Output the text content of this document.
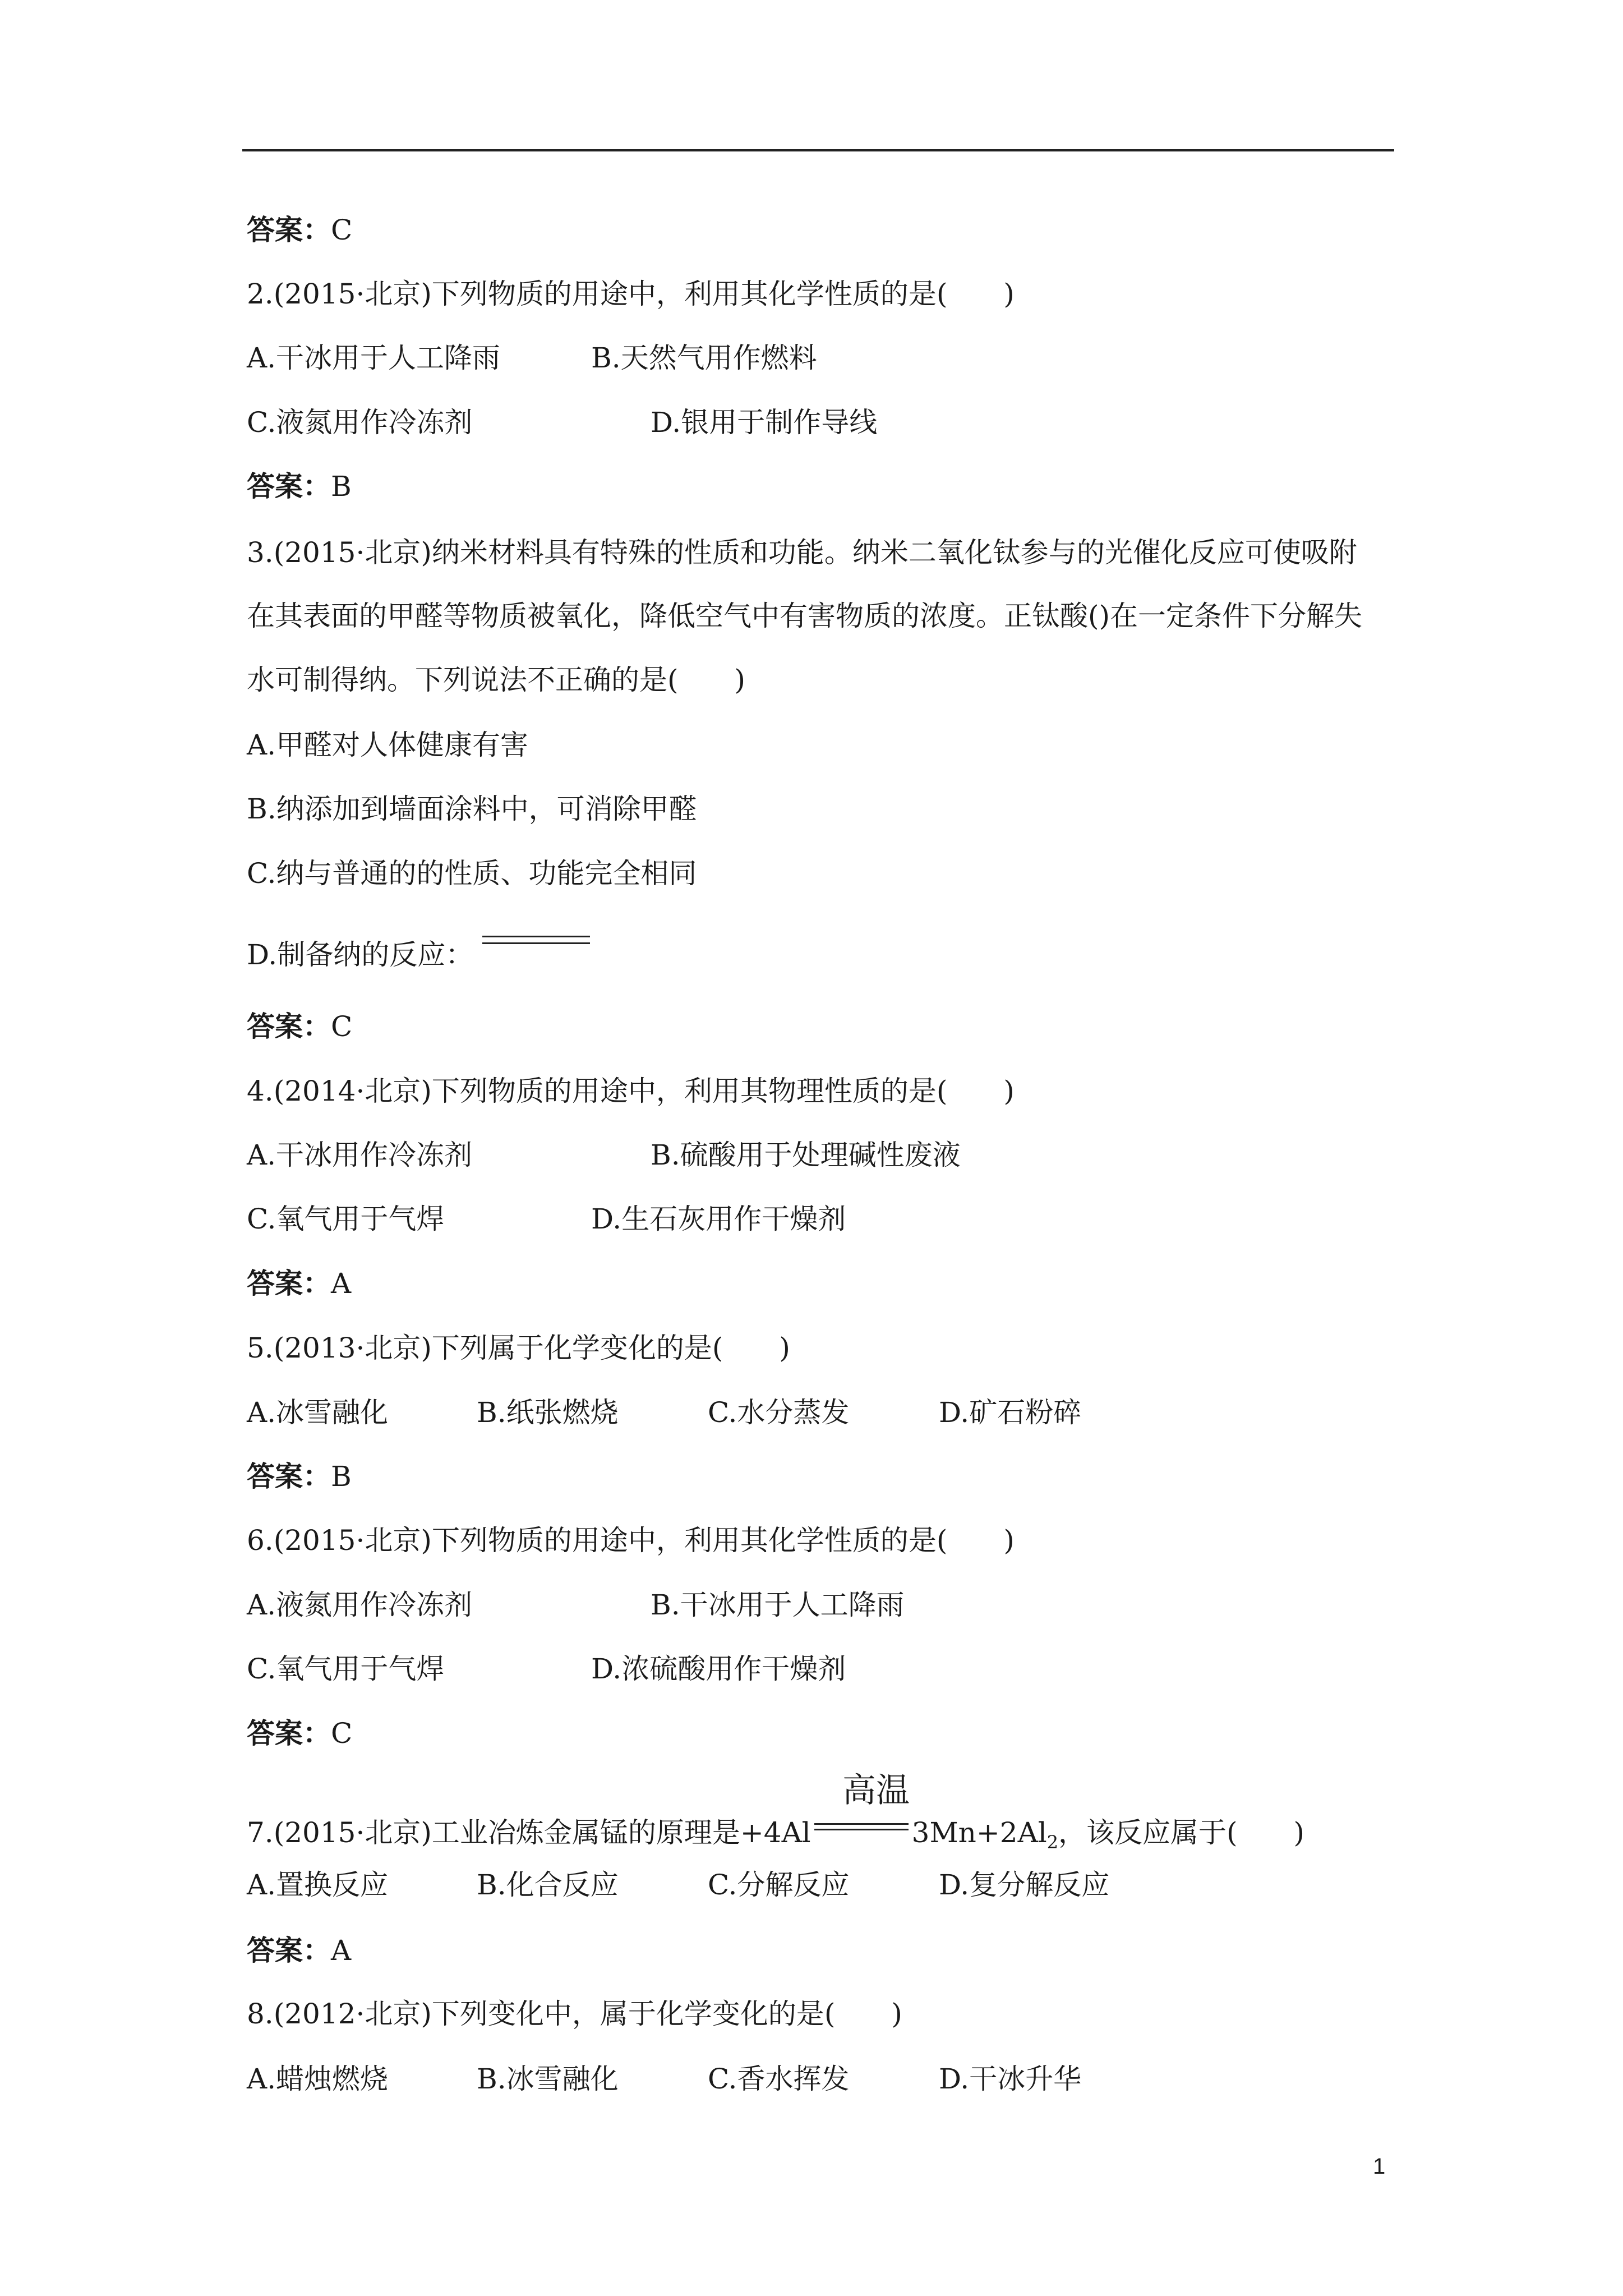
答案：C
2.(2015·北京)下列物质的用途中，利用其化学性质的是(　　)
A.干冰用于人工降雨	B.天然气用作燃料
C.液氮用作冷冻剂	D.银用于制作导线
答案：B
3.(2015·北京)纳米材料具有特殊的性质和功能。纳米二氧化钛参与的光催化反应可使吸附
在其表面的甲醛等物质被氧化，降低空气中有害物质的浓度。正钛酸()在一定条件下分解失
水可制得纳。下列说法不正确的是(　　)
A.甲醛对人体健康有害
B.纳添加到墙面涂料中，可消除甲醛
C.纳与普通的的性质、功能完全相同
D.制备纳的反应：
答案：C
4.(2014·北京)下列物质的用途中，利用其物理性质的是(　　)
A.干冰用作冷冻剂	B.硫酸用于处理碱性废液
C.氧气用于气焊	D.生石灰用作干燥剂
答案：A
5.(2013·北京)下列属于化学变化的是(　　)
A.冰雪融化	B.纸张燃烧	C.水分蒸发	D.矿石粉碎
答案：B
6.(2015·北京)下列物质的用途中，利用其化学性质的是(　　)
A.液氮用作冷冻剂	B.干冰用于人工降雨
C.氧气用于气焊	D.浓硫酸用作干燥剂
答案：C
高温
7.(2015·北京)工业冶炼金属锰的原理是+4Al	$3Mn+2Al_2$，该反应属于(　　)
A.置换反应	B.化合反应	C.分解反应	D.复分解反应
答案：A
8.(2012·北京)下列变化中，属于化学变化的是(　　)
A.蜡烛燃烧	B.冰雪融化	C.香水挥发	D.干冰升华
1
